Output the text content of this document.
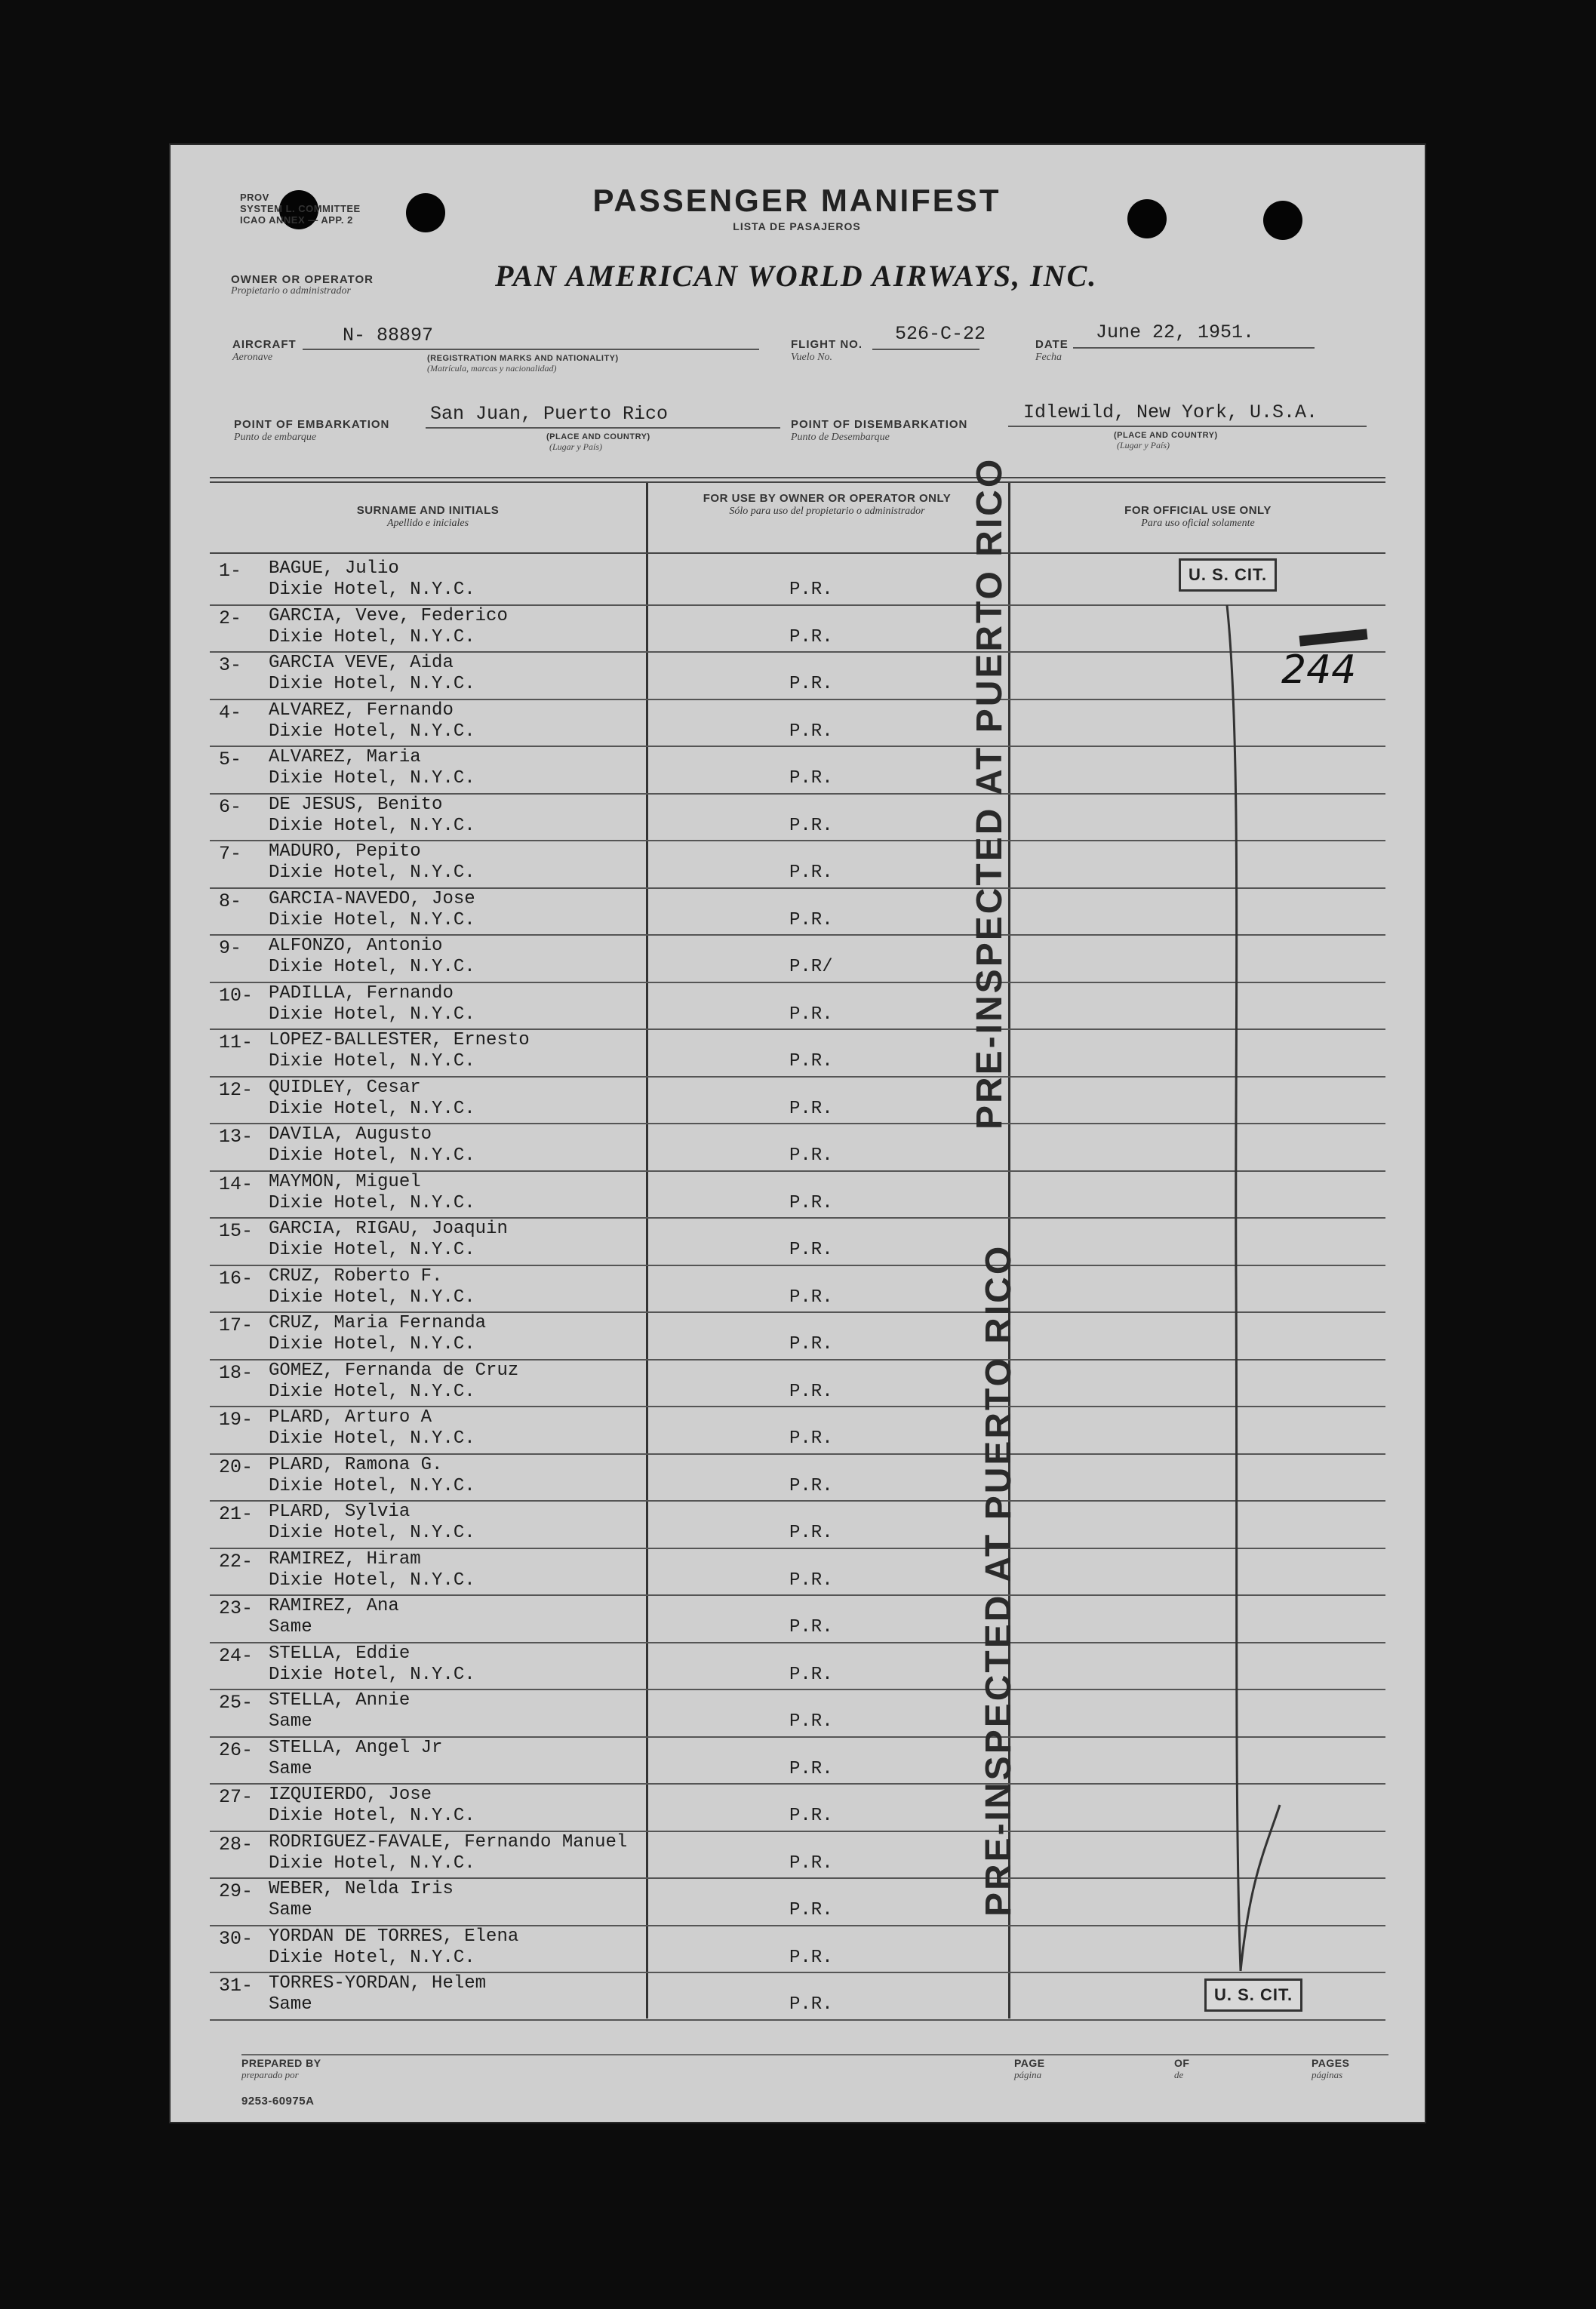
PROV
SYSTEM L. COMMITTEE
ICAO ANNEX — APP. 2
PASSENGER MANIFEST
LISTA DE PASAJEROS
OWNER OR OPERATOR
Propietario o administrador	PAN AMERICAN WORLD AIRWAYS, INC.
AIRCRAFT
Aeronave
N- 88897
(REGISTRATION MARKS AND NATIONALITY)
(Matrícula, marcas y nacionalidad)
FLIGHT NO.
Vuelo No.
526-C-22	DATE
Fecha
June 22, 1951.
POINT OF EMBARKATION
Punto de embarque
San Juan, Puerto Rico
(PLACE AND COUNTRY)
(Lugar y País)
POINT OF DISEMBARKATION
Punto de Desembarque
Idlewild, New York, U.S.A.
(PLACE AND COUNTRY)
(Lugar y País)
SURNAME AND INITIALS
Apellido e iniciales
FOR USE BY OWNER OR OPERATOR ONLY
Sólo para uso del propietario o administrador	FOR OFFICIAL USE ONLY
Para uso oficial solamente
1- BAGUE, Julio
Dixie Hotel, N.Y.C.	P.R.
2- GARCIA, Veve, Federico
Dixie Hotel, N.Y.C.	P.R.
3- GARCIA VEVE, Aida
Dixie Hotel, N.Y.C.	P.R.
4- ALVAREZ, Fernando
Dixie Hotel, N.Y.C.	P.R.
5- ALVAREZ, Maria
Dixie Hotel, N.Y.C.	P.R.
6- DE JESUS, Benito
Dixie Hotel, N.Y.C.	P.R.
7- MADURO, Pepito
Dixie Hotel, N.Y.C.	P.R.
8- GARCIA-NAVEDO, Jose
Dixie Hotel, N.Y.C.	P.R.
9- ALFONZO, Antonio
Dixie Hotel, N.Y.C.	P.R/
10- PADILLA, Fernando
Dixie Hotel, N.Y.C.	P.R.
11- LOPEZ-BALLESTER, Ernesto
Dixie Hotel, N.Y.C.	P.R.
12- QUIDLEY, Cesar
Dixie Hotel, N.Y.C.	P.R.
13- DAVILA, Augusto
Dixie Hotel, N.Y.C.	P.R.
14- MAYMON, Miguel
Dixie Hotel, N.Y.C.	P.R.
15- GARCIA, RIGAU, Joaquin
Dixie Hotel, N.Y.C.	P.R.
16- CRUZ, Roberto F.
Dixie Hotel, N.Y.C.	P.R.
17- CRUZ, Maria Fernanda
Dixie Hotel, N.Y.C.	P.R.
18- GOMEZ, Fernanda de Cruz
Dixie Hotel, N.Y.C.	P.R.
19- PLARD, Arturo A
Dixie Hotel, N.Y.C.	P.R.
20- PLARD, Ramona G.
Dixie Hotel, N.Y.C.	P.R.
21- PLARD, Sylvia
Dixie Hotel, N.Y.C.	P.R.
22- RAMIREZ, Hiram
Dixie Hotel, N.Y.C.	P.R.
23- RAMIREZ, Ana
Same	P.R.
24- STELLA, Eddie
Dixie Hotel, N.Y.C.	P.R.
25- STELLA, Annie
Same	P.R.
26- STELLA, Angel Jr
Same	P.R.
27- IZQUIERDO, Jose
Dixie Hotel, N.Y.C.	P.R.
28- RODRIGUEZ-FAVALE, Fernando Manuel
Dixie Hotel, N.Y.C.	P.R.
29- WEBER, Nelda Iris
Same	P.R.
30- YORDAN DE TORRES, Elena
Dixie Hotel, N.Y.C.	P.R.
31- TORRES-YORDAN, Helem
Same	P.R.
PRE-INSPECTED AT PUERTO RICO
PRE-INSPECTED AT PUERTO RICO
U. S. CIT.
U. S. CIT.
244
PREPARED BY
preparado por
PAGE
página
OF
de
PAGES
páginas
9253-60975A
